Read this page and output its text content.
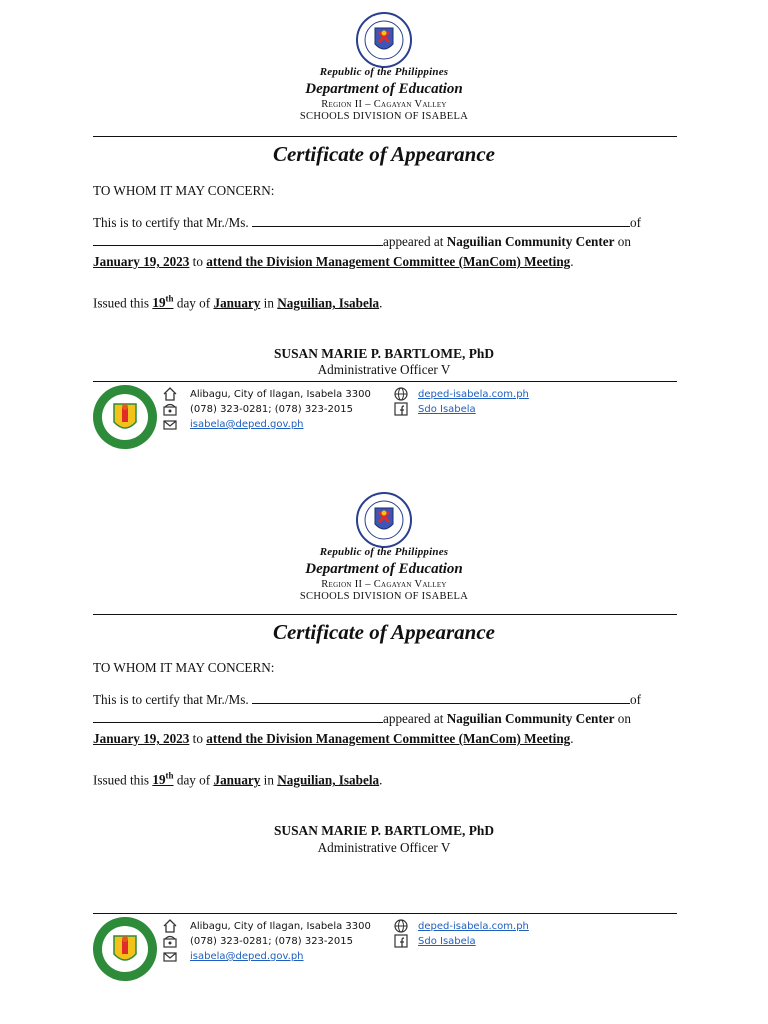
Republic of the Philippines
Department of Education
Region II – Cagayan Valley
SCHOOLS DIVISION OF ISABELA
Certificate of Appearance
TO WHOM IT MAY CONCERN:
This is to certify that Mr./Ms.	of
appeared at Naguilian Community Center on
January 19, 2023 to attend the Division Management Committee (ManCom) Meeting.
Issued this 19th day of January in Naguilian, Isabela.
SUSAN MARIE P. BARTLOME, PhD
Administrative Officer V
Alibagu, City of Ilagan, Isabela 3300
(078) 323-0281; (078) 323-2015
isabela@deped.gov.ph
deped-isabela.com.ph
Sdo Isabela
Republic of the Philippines
Department of Education
Region II – Cagayan Valley
SCHOOLS DIVISION OF ISABELA
Certificate of Appearance
TO WHOM IT MAY CONCERN:
This is to certify that Mr./Ms.	of
appeared at Naguilian Community Center on
January 19, 2023 to attend the Division Management Committee (ManCom) Meeting.
Issued this 19th day of January in Naguilian, Isabela.
SUSAN MARIE P. BARTLOME, PhD
Administrative Officer V
Alibagu, City of Ilagan, Isabela 3300
(078) 323-0281; (078) 323-2015
isabela@deped.gov.ph
deped-isabela.com.ph
Sdo Isabela
